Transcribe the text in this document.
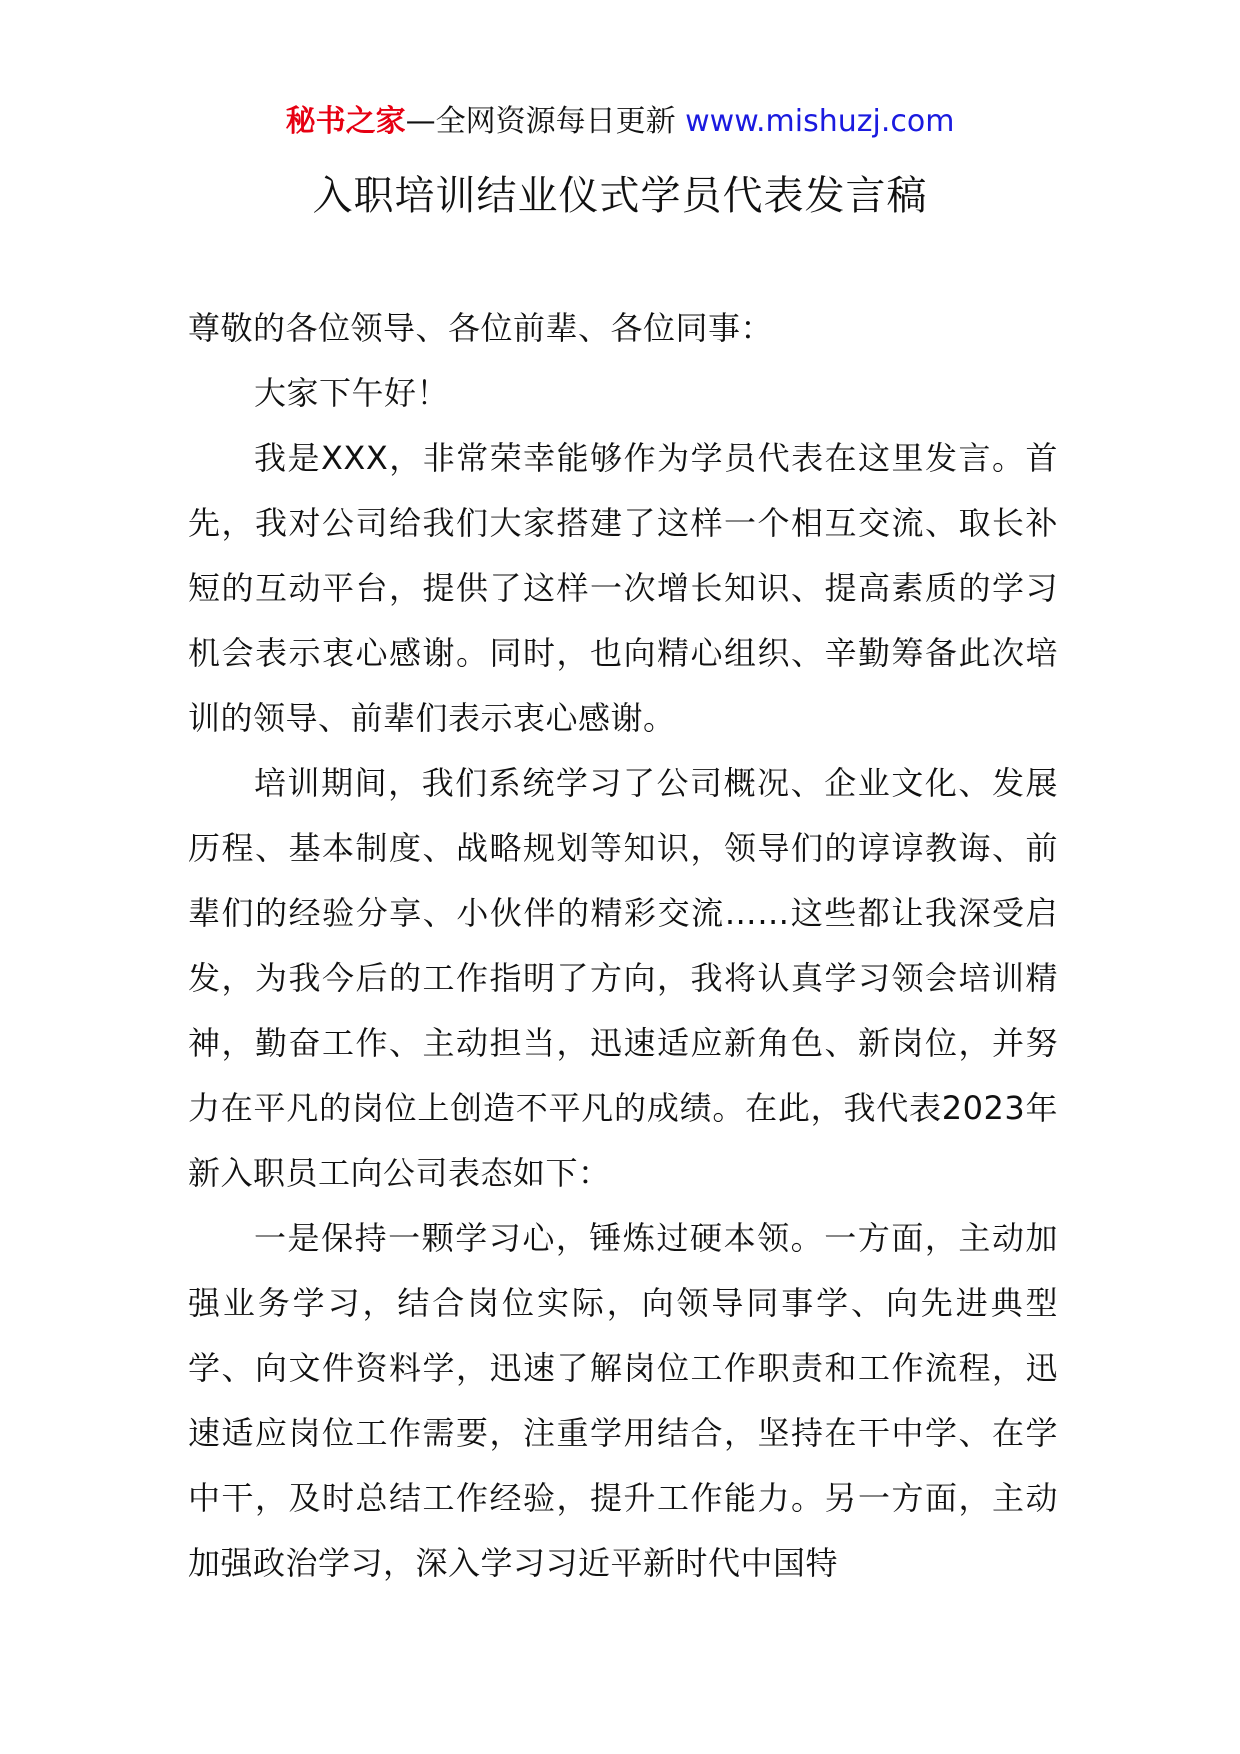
秘书之家—全网资源每日更新 www.mishuzj.com
入职培训结业仪式学员代表发言稿

尊敬的各位领导、各位前辈、各位同事：

大家下午好！

我是XXX，非常荣幸能够作为学员代表在这里发言。首先，我对公司给我们大家搭建了这样一个相互交流、取长补短的互动平台，提供了这样一次增长知识、提高素质的学习机会表示衷心感谢。同时，也向精心组织、辛勤筹备此次培训的领导、前辈们表示衷心感谢。

培训期间，我们系统学习了公司概况、企业文化、发展历程、基本制度、战略规划等知识，领导们的谆谆教诲、前辈们的经验分享、小伙伴的精彩交流……这些都让我深受启发，为我今后的工作指明了方向，我将认真学习领会培训精神，勤奋工作、主动担当，迅速适应新角色、新岗位，并努力在平凡的岗位上创造不平凡的成绩。在此，我代表2023年新入职员工向公司表态如下：

一是保持一颗学习心，锤炼过硬本领。一方面，主动加强业务学习，结合岗位实际，向领导同事学、向先进典型学、向文件资料学，迅速了解岗位工作职责和工作流程，迅速适应岗位工作需要，注重学用结合，坚持在干中学、在学中干，及时总结工作经验，提升工作能力。另一方面，主动加强政治学习，深入学习习近平新时代中国特
